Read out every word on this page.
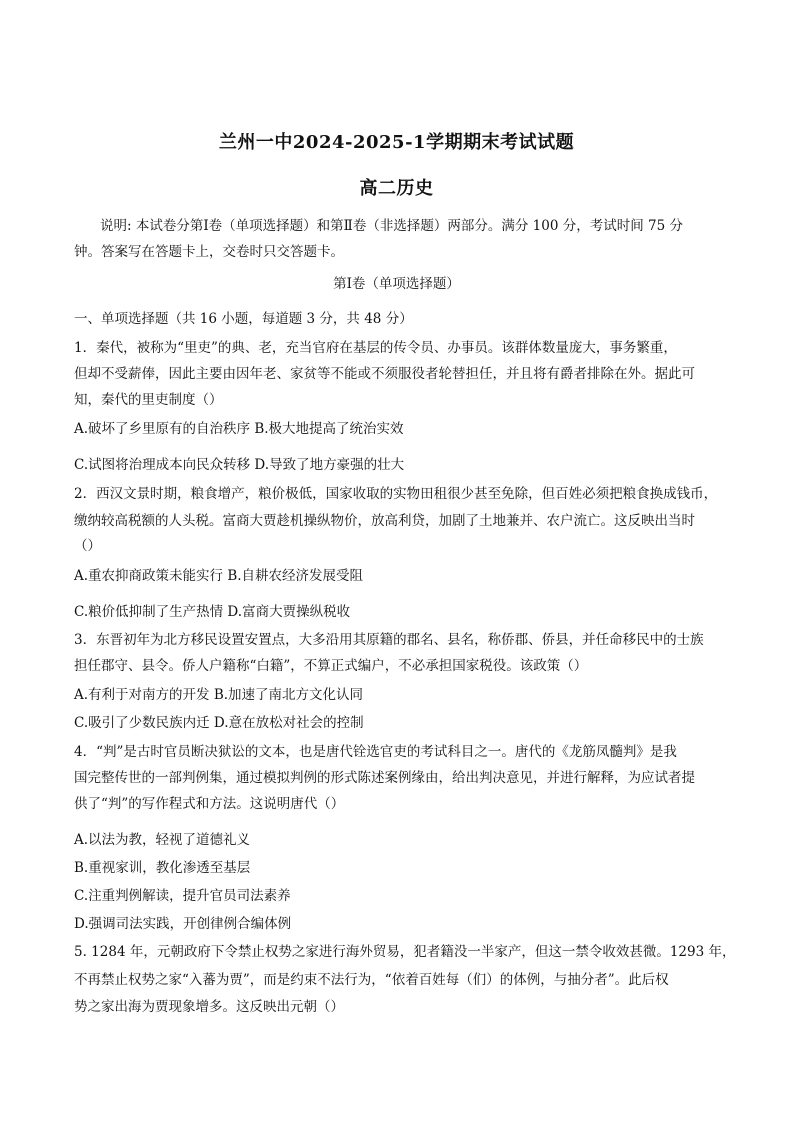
兰州一中2024-2025-1学期期末考试试题
高二历史
说明: 本试卷分第Ⅰ卷（单项选择题）和第Ⅱ卷（非选择题）两部分。满分 100 分，考试时间 75 分
钟。答案写在答题卡上，交卷时只交答题卡。
第Ⅰ卷（单项选择题）
一、单项选择题（共 16 小题，每道题 3 分，共 48 分）
1．秦代，被称为“里吏”的典、老，充当官府在基层的传令员、办事员。该群体数量庞大，事务繁重，
但却不受薪俸，因此主要由因年老、家贫等不能或不须服役者轮替担任，并且将有爵者排除在外。据此可
知，秦代的里吏制度（）
A.破坏了乡里原有的自治秩序 B.极大地提高了统治实效
C.试图将治理成本向民众转移 D.导致了地方豪强的壮大
2．西汉文景时期，粮食增产，粮价极低，国家收取的实物田租很少甚至免除，但百姓必须把粮食换成钱币，
缴纳较高税额的人头税。富商大贾趁机操纵物价，放高利贷，加剧了土地兼并、农户流亡。这反映出当时
（）
A.重农抑商政策未能实行 B.自耕农经济发展受阻
C.粮价低抑制了生产热情 D.富商大贾操纵税收
3．东晋初年为北方移民设置安置点，大多沿用其原籍的郡名、县名，称侨郡、侨县，并任命移民中的士族
担任郡守、县令。侨人户籍称“白籍”，不算正式编户，不必承担国家税役。该政策（）
A.有利于对南方的开发 B.加速了南北方文化认同
C.吸引了少数民族内迁 D.意在放松对社会的控制
4．“判”是古时官员断决狱讼的文本，也是唐代铨选官吏的考试科目之一。唐代的《龙筋凤髓判》是我
国完整传世的一部判例集，通过模拟判例的形式陈述案例缘由，给出判决意见，并进行解释，为应试者提
供了“判”的写作程式和方法。这说明唐代（）
A.以法为教，轻视了道德礼义
B.重视家训，教化渗透至基层
C.注重判例解读，提升官员司法素养
D.强调司法实践，开创律例合编体例
5. 1284 年，元朝政府下令禁止权势之家进行海外贸易，犯者籍没一半家产，但这一禁令收效甚微。1293 年，
不再禁止权势之家“入蕃为贾”，而是约束不法行为，“依着百姓每（们）的体例，与抽分者”。此后权
势之家出海为贾现象增多。这反映出元朝（）
